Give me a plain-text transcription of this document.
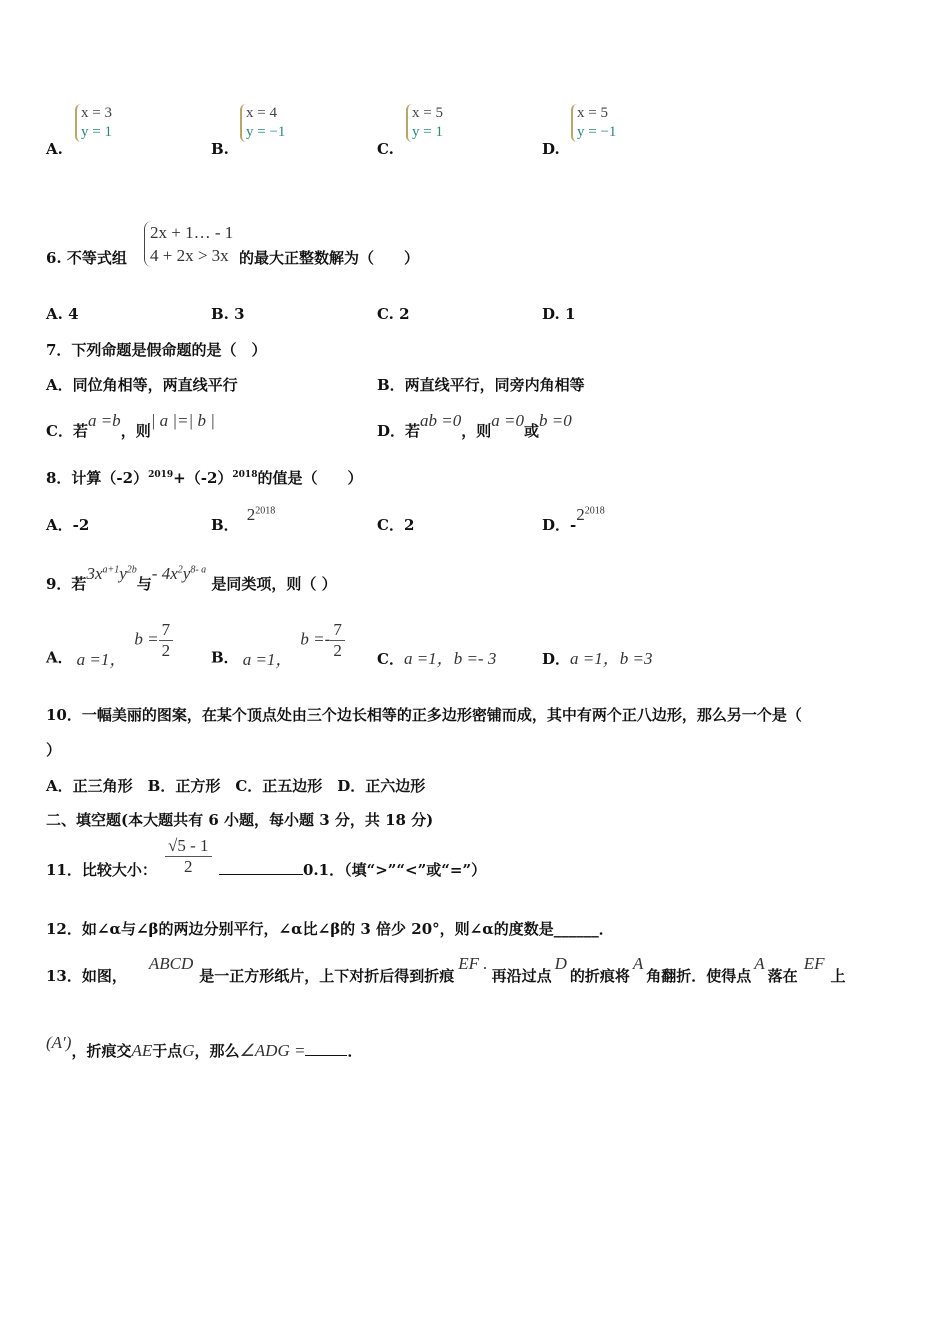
A.
x = 3
y = 1
B.
x = 4
y = −1
C.
x = 5
y = 1
D.
x = 5
y = −1
6. 不等式组
2x + 1… - 1
4 + 2x > 3x 的最大正整数解为（　　）
A. 4	B. 3	C. 2	D. 1
7．下列命题是假命题的是（　）
A．同位角相等，两直线平行	B．两直线平行，同旁内角相等
C．若a =b，则| a |=| b |
D．若ab =0，则a =0或b =0
8．计算$(-2)^{2019}+(-2)^{2018}$的值是（　　）
A．-2	B．$2^{2018}$
C．2	D．$-2^{2018}$
9．若$3x^{a+1}y^{2b}$与- $4x^2y^{8- a}$ 是同类项，则（ ）
A． a =1，$b = \frac{7}{2}$	B． a =1，$b =- \frac{7}{2}$ C．a =1，b =- 3	D．a =1，b =3
10．一幅美丽的图案，在某个顶点处由三个边长相等的正多边形密铺而成，其中有两个正八边形，那么另一个是（
）
A．正三角形　B．正方形　C．正五边形　D．正六边形
二、填空题(本大题共有 6 小题，每小题 3 分，共 18 分)
11．比较大小： $\frac{√5 - 1}{2}$	0.1．（填“>”“<”或“=”）
12．如∠α与∠β的两边分别平行，∠α比∠β的 3 倍少 20°，则∠α的度数是______．
13．如图，ABCD是一正方形纸片，上下对折后得到折痕EF .再沿过点D的折痕将A角翻折．使得点A落在EF上
(A′)，折痕交AE于点G，那么∠ADG =	．
